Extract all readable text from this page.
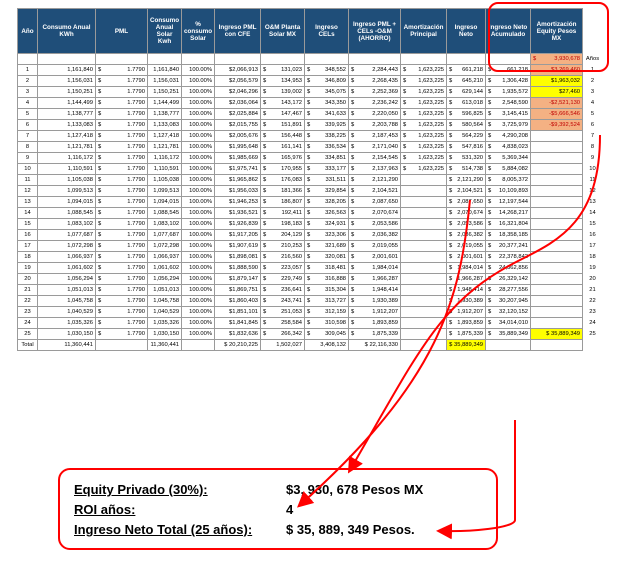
Año	Consumo Anual KWh	PML	Consumo Anual Solar Kwh	% consumo Solar	Ingreso PML con CFE	O&M Planta Solar MX	Ingreso CELs	Ingreso PML + CELs -O&M (AHORRO)	Amortización Principal	Ingreso Neto	Ingreso Neto Acumulado	Amortización Equity Pesos MX	

												$ 3,930,678	Años
1	1,161,840	$ 1.7790	1,161,840	100.00%	$2,066,913	$ 131,023	$ 348,552	$ 2,284,443	$ 1,623,225	$ 661,218	$ 661,218	$3,269,460	1
2	1,156,031	$ 1.7790	1,156,031	100.00%	$2,056,579	$ 134,953	$ 346,809	$ 2,268,435	$ 1,623,225	$ 645,210	$ 1,306,428	$1,963,032	2
3	1,150,251	$ 1.7790	1,150,251	100.00%	$2,046,296	$ 139,002	$ 345,075	$ 2,252,369	$ 1,623,225	$ 629,144	$ 1,935,572	$27,460	3
4	1,144,499	$ 1.7790	1,144,499	100.00%	$2,036,064	$ 143,172	$ 343,350	$ 2,236,242	$ 1,623,225	$ 613,018	$ 2,548,590	-$2,521,130	4
5	1,138,777	$ 1.7790	1,138,777	100.00%	$2,025,884	$ 147,467	$ 341,633	$ 2,220,050	$ 1,623,225	$ 596,825	$ 3,145,415	-$5,666,546	5
6	1,133,083	$ 1.7790	1,133,083	100.00%	$2,015,755	$ 151,891	$ 339,925	$ 2,203,788	$ 1,623,225	$ 580,564	$ 3,725,979	-$9,392,524	6
7	1,127,418	$ 1.7790	1,127,418	100.00%	$2,005,676	$ 156,448	$ 338,225	$ 2,187,453	$ 1,623,225	$ 564,229	$ 4,290,208		7
8	1,121,781	$ 1.7790	1,121,781	100.00%	$1,995,648	$ 161,141	$ 336,534	$ 2,171,040	$ 1,623,225	$ 547,816	$ 4,838,023		8
9	1,116,172	$ 1.7790	1,116,172	100.00%	$1,985,669	$ 165,976	$ 334,851	$ 2,154,545	$ 1,623,225	$ 531,320	$ 5,369,344		9
10	1,110,591	$ 1.7790	1,110,591	100.00%	$1,975,741	$ 170,955	$ 333,177	$ 2,137,963	$ 1,623,225	$ 514,738	$ 5,884,082		10
11	1,105,038	$ 1.7790	1,105,038	100.00%	$1,965,862	$ 176,083	$ 331,511	$ 2,121,290		$ 2,121,290	$ 8,005,372		11
12	1,099,513	$ 1.7790	1,099,513	100.00%	$1,956,033	$ 181,366	$ 329,854	$ 2,104,521		$ 2,104,521	$ 10,109,893		12
13	1,094,015	$ 1.7790	1,094,015	100.00%	$1,946,253	$ 186,807	$ 328,205	$ 2,087,650		$ 2,087,650	$ 12,197,544		13
14	1,088,545	$ 1.7790	1,088,545	100.00%	$1,936,521	$ 192,411	$ 326,563	$ 2,070,674		$ 2,070,674	$ 14,268,217		14
15	1,083,102	$ 1.7790	1,083,102	100.00%	$1,926,839	$ 198,183	$ 324,931	$ 2,053,586		$ 2,053,586	$ 16,321,804		15
16	1,077,687	$ 1.7790	1,077,687	100.00%	$1,917,205	$ 204,129	$ 323,306	$ 2,036,382		$ 2,036,382	$ 18,358,185		16
17	1,072,298	$ 1.7790	1,072,298	100.00%	$1,907,619	$ 210,253	$ 321,689	$ 2,019,055		$ 2,019,055	$ 20,377,241		17
18	1,066,937	$ 1.7790	1,066,937	100.00%	$1,898,081	$ 216,560	$ 320,081	$ 2,001,601		$ 2,001,601	$ 22,378,842		18
19	1,061,602	$ 1.7790	1,061,602	100.00%	$1,888,590	$ 223,057	$ 318,481	$ 1,984,014		$ 1,984,014	$ 24,362,856		19
20	1,056,294	$ 1.7790	1,056,294	100.00%	$1,879,147	$ 229,749	$ 316,888	$ 1,966,287		$ 1,966,287	$ 26,329,142		20
21	1,051,013	$ 1.7790	1,051,013	100.00%	$1,869,751	$ 236,641	$ 315,304	$ 1,948,414		$ 1,948,414	$ 28,277,556		21
22	1,045,758	$ 1.7790	1,045,758	100.00%	$1,860,403	$ 243,741	$ 313,727	$ 1,930,389		$ 1,930,389	$ 30,207,945		22
23	1,040,529	$ 1.7790	1,040,529	100.00%	$1,851,101	$ 251,053	$ 312,159	$ 1,912,207		$ 1,912,207	$ 32,120,152		23
24	1,035,326	$ 1.7790	1,035,326	100.00%	$1,841,845	$ 258,584	$ 310,598	$ 1,893,859		$ 1,893,859	$ 34,014,010		24
25	1,030,150	$ 1.7790	1,030,150	100.00%	$1,832,636	$ 266,342	$ 309,045	$ 1,875,339		$ 1,875,339	$ 35,889,349	$ 35,889,349	25
Total	11,360,441		11,360,441		$ 20,210,225	1,502,027	3,408,132	$ 22,116,330		$ 35,889,349			
Equity Privado (30%):	$3, 930, 678 Pesos MX
ROI años:	4
Ingreso Neto Total (25 años):	$ 35, 889, 349 Pesos.
